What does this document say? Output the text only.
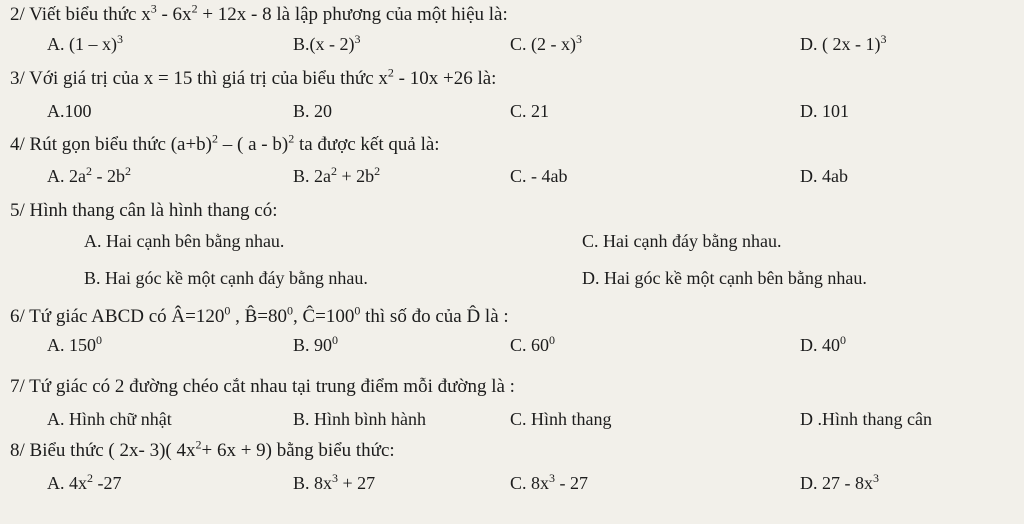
2/ Viết biểu thức $x^3 - 6x^2 + 12x - 8$ là lập phương của một hiệu là:
A. (1 – x)$^3$	B.(x - 2)$^3$	C. (2 - x)$^3$	D. ( 2x - 1)$^3$
3/ Với giá trị của x = 15 thì giá trị của biểu thức $x^2 - 10x +26$ là:
A.100	B. 20	C. 21	D. 101
4/ Rút gọn biểu thức $(a+b)^2$ – ( a - b)$^2$ ta được kết quả là:
A. $2a^2 - 2b^2$	B. $2a^2 + 2b^2$	C. - 4ab	D. 4ab
5/ Hình thang cân là hình thang có:
A. Hai cạnh bên bằng nhau.	C. Hai cạnh đáy bằng nhau.
B. Hai góc kề một cạnh đáy bằng nhau.	D. Hai góc kề một cạnh bên bằng nhau.
6/ Tứ giác ABCD có $Â=120^0$ , $B̂=80^0$, $Ĉ=100^0$ thì số đo của D̂ là :
A. $150^0$	B. $90^0$	C. $60^0$	D. $40^0$
7/ Tứ giác có 2 đường chéo cắt nhau tại trung điểm mỗi đường là :
A. Hình chữ nhật	B. Hình bình hành	C. Hình thang	D .Hình thang cân
8/ Biểu thức ( 2x- 3)( $4x^2+ 6x + 9$) bằng biểu thức:
A. $4x^2$ -27	B. $8x^3 + 27$	C. $8x^3 - 27$	D. $27 - 8x^3$
